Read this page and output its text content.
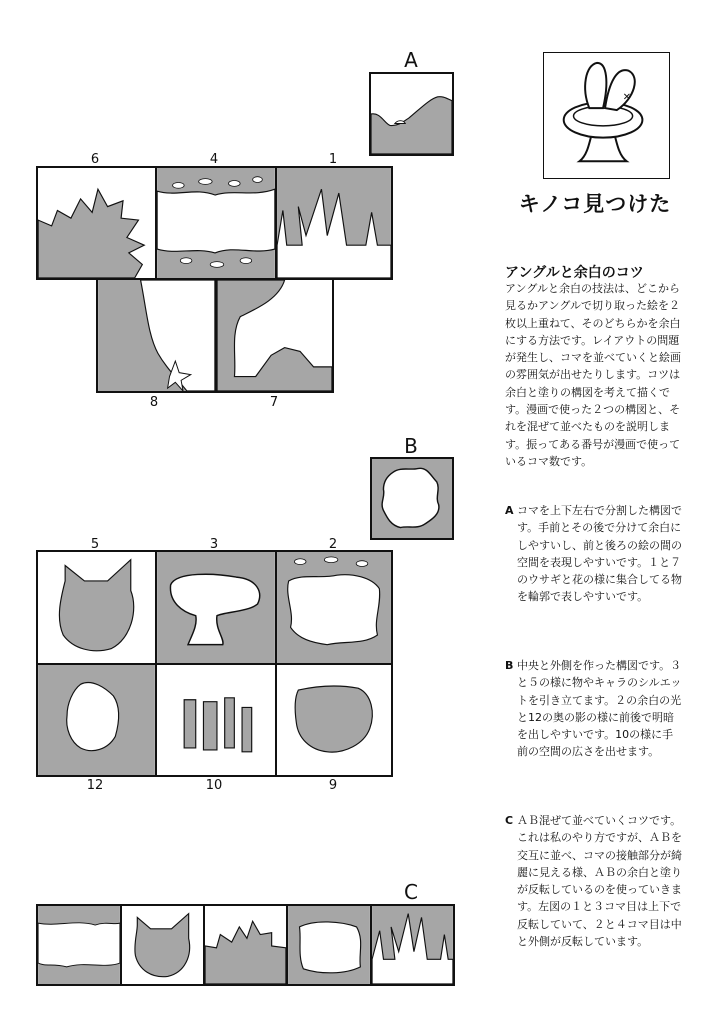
A
B
C
✕
キノコ見つけた
アングルと余白のコツ

アングルと余白の技法は、どこから見るかアングルで切り取った絵を２枚以上重ねて、そのどちらかを余白にする方法です。レイアウトの問題が発生し、コマを並べていくと絵画の雰囲気が出せたりします。コツは余白と塗りの構図を考えて描くです。漫画で使った２つの構図と、それを混ぜて並べたものを説明します。振ってある番号が漫画で使っているコマ数です。

A コマを上下左右で分割した構図です。手前とその後で分けて余白にしやすいし、前と後ろの絵の間の空間を表現しやすいです。１と７のウサギと花の様に集合してる物を輪郭で表しやすいです。
B 中央と外側を作った構図です。３と５の様に物やキャラのシルエットを引き立てます。２の余白の光と12の奥の影の様に前後で明暗を出しやすいです。10の様に手前の空間の広さを出せます。
C ＡＢ混ぜて並べていくコツです。これは私のやり方ですが、ＡＢを交互に並べ、コマの接触部分が綺麗に見える様、ＡＢの余白と塗りが反転しているのを使っていきます。左図の１と３コマ目は上下で反転していて、２と４コマ目は中と外側が反転しています。
6	4	1
8	7
5	3	2
12	10	9
